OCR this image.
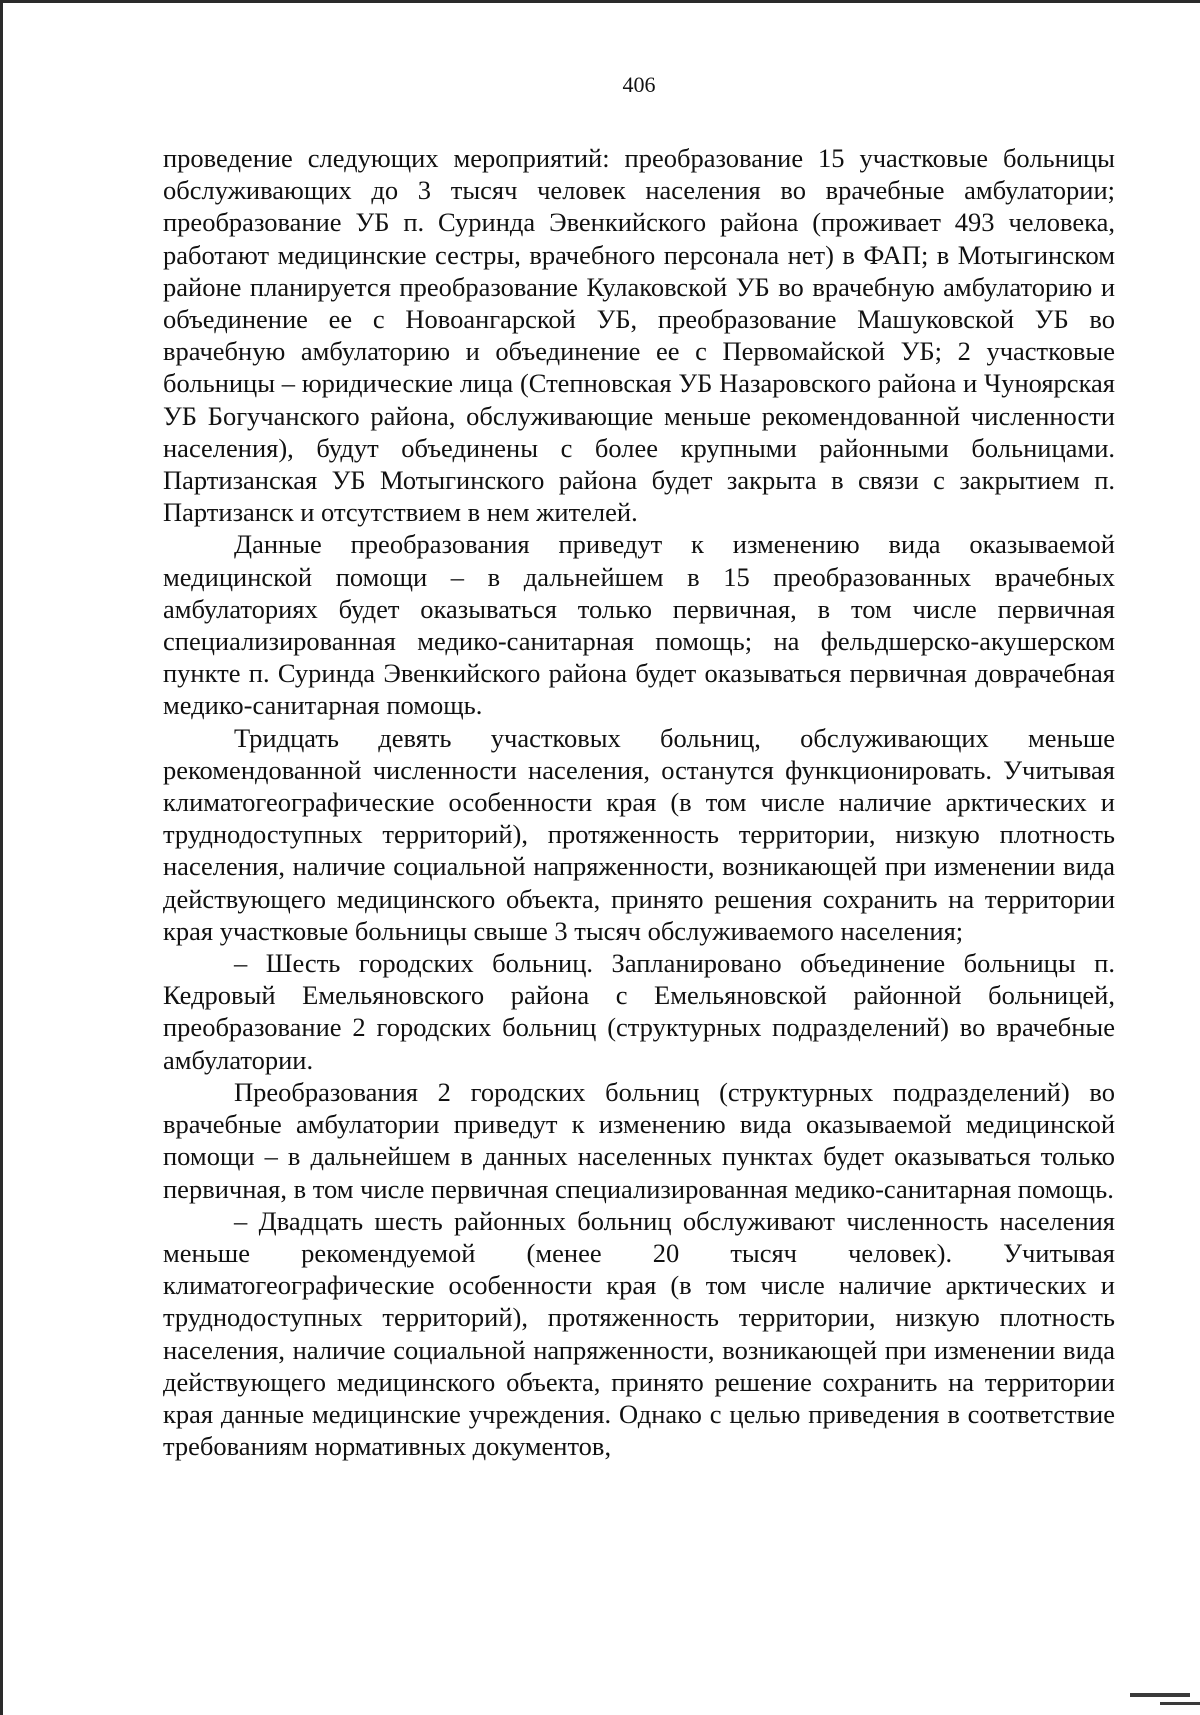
406

проведение следующих мероприятий: преобразование 15 участковые больницы обслуживающих до 3 тысяч человек населения во врачебные амбулатории; преобразование УБ п. Суринда Эвенкийского района (проживает 493 человека, работают медицинские сестры, врачебного персонала нет) в ФАП; в Мотыгинском районе планируется преобразование Кулаковской УБ во врачебную амбулаторию и объединение ее с Новоангарской УБ, преобразование Машуковской УБ во врачебную амбулаторию и объединение ее с Первомайской УБ; 2 участковые больницы – юридические лица (Степновская УБ Назаровского района и Чуноярская УБ Богучанского района, обслуживающие меньше рекомендованной численности населения), будут объединены с более крупными районными больницами. Партизанская УБ Мотыгинского района будет закрыта в связи с закрытием п. Партизанск и отсутствием в нем жителей.

Данные преобразования приведут к изменению вида оказываемой медицинской помощи – в дальнейшем в 15 преобразованных врачебных амбулаториях будет оказываться только первичная, в том числе первичная специализированная медико-санитарная помощь; на фельдшерско-акушерском пункте п. Суринда Эвенкийского района будет оказываться первичная доврачебная медико-санитарная помощь.

Тридцать девять участковых больниц, обслуживающих меньше рекомендованной численности населения, останутся функционировать. Учитывая климатогеографические особенности края (в том числе наличие арктических и труднодоступных территорий), протяженность территории, низкую плотность населения, наличие социальной напряженности, возникающей при изменении вида действующего медицинского объекта, принято решения сохранить на территории края участковые больницы свыше 3 тысяч обслуживаемого населения;

– Шесть городских больниц. Запланировано объединение больницы п. Кедровый Емельяновского района с Емельяновской районной больницей, преобразование 2 городских больниц (структурных подразделений) во врачебные амбулатории.

Преобразования 2 городских больниц (структурных подразделений) во врачебные амбулатории приведут к изменению вида оказываемой медицинской помощи – в дальнейшем в данных населенных пунктах будет оказываться только первичная, в том числе первичная специализированная медико-санитарная помощь.

– Двадцать шесть районных больниц обслуживают численность населения меньше рекомендуемой (менее 20 тысяч человек). Учитывая климатогеографические особенности края (в том числе наличие арктических и труднодоступных территорий), протяженность территории, низкую плотность населения, наличие социальной напряженности, возникающей при изменении вида действующего медицинского объекта, принято решение сохранить на территории края данные медицинские учреждения. Однако с целью приведения в соответствие требованиям нормативных документов,
